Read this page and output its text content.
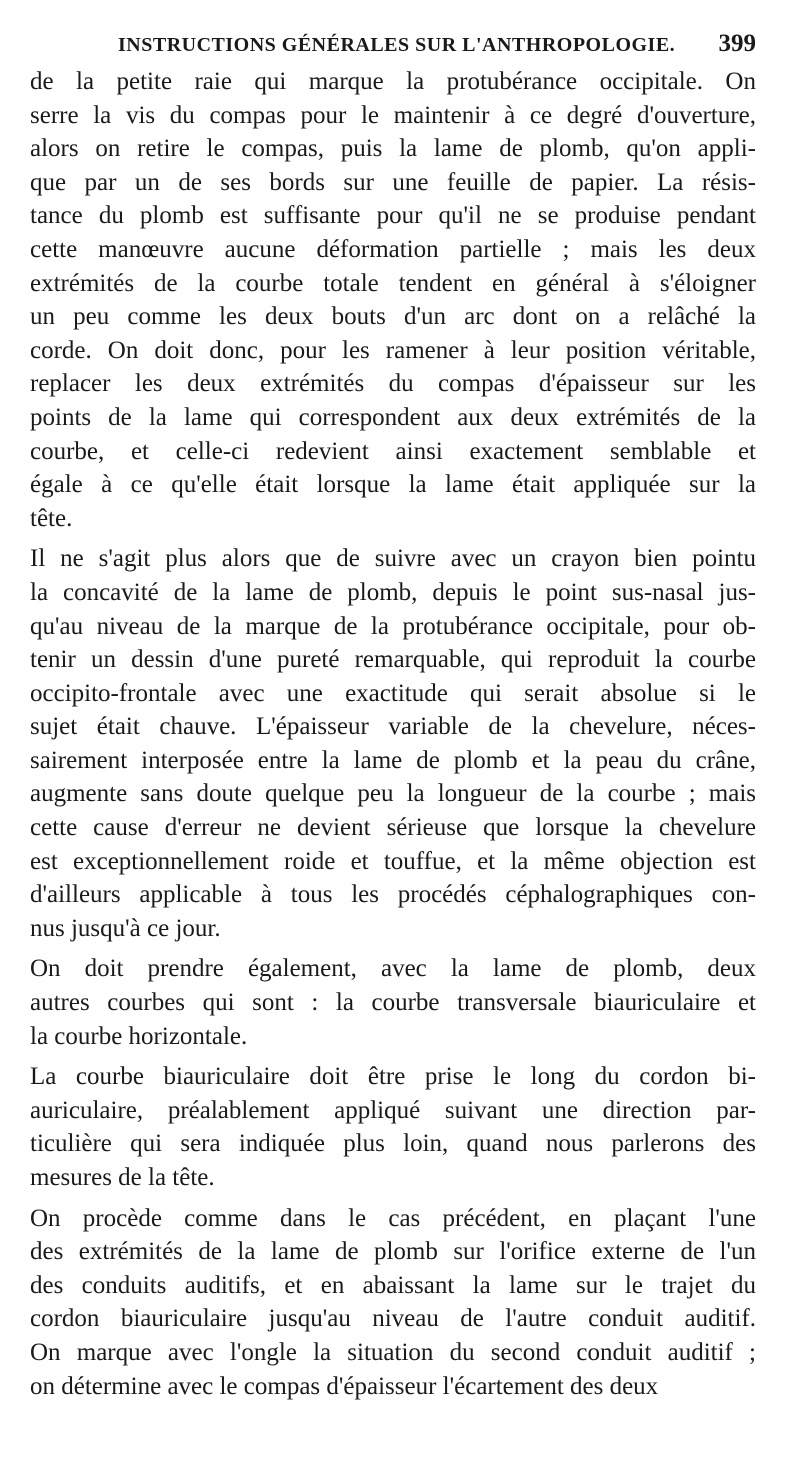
INSTRUCTIONS GÉNÉRALES SUR L'ANTHROPOLOGIE. 399
de la petite raie qui marque la protubérance occipitale. On
serre la vis du compas pour le maintenir à ce degré d'ouverture,
alors on retire le compas, puis la lame de plomb, qu'on appli-
que par un de ses bords sur une feuille de papier. La résis-
tance du plomb est suffisante pour qu'il ne se produise pendant
cette manœuvre aucune déformation partielle ; mais les deux
extrémités de la courbe totale tendent en général à s'éloigner
un peu comme les deux bouts d'un arc dont on a relâché la
corde. On doit donc, pour les ramener à leur position véritable,
replacer les deux extrémités du compas d'épaisseur sur les
points de la lame qui correspondent aux deux extrémités de la
courbe, et celle-ci redevient ainsi exactement semblable et
égale à ce qu'elle était lorsque la lame était appliquée sur la
tête.
Il ne s'agit plus alors que de suivre avec un crayon bien pointu
la concavité de la lame de plomb, depuis le point sus-nasal jus-
qu'au niveau de la marque de la protubérance occipitale, pour ob-
tenir un dessin d'une pureté remarquable, qui reproduit la courbe
occipito-frontale avec une exactitude qui serait absolue si le
sujet était chauve. L'épaisseur variable de la chevelure, néces-
sairement interposée entre la lame de plomb et la peau du crâne,
augmente sans doute quelque peu la longueur de la courbe ; mais
cette cause d'erreur ne devient sérieuse que lorsque la chevelure
est exceptionnellement roide et touffue, et la même objection est
d'ailleurs applicable à tous les procédés céphalographiques con-
nus jusqu'à ce jour.
On doit prendre également, avec la lame de plomb, deux
autres courbes qui sont : la courbe transversale biauriculaire et
la courbe horizontale.
La courbe biauriculaire doit être prise le long du cordon bi-
auriculaire, préalablement appliqué suivant une direction par-
ticulière qui sera indiquée plus loin, quand nous parlerons des
mesures de la tête.
On procède comme dans le cas précédent, en plaçant l'une
des extrémités de la lame de plomb sur l'orifice externe de l'un
des conduits auditifs, et en abaissant la lame sur le trajet du
cordon biauriculaire jusqu'au niveau de l'autre conduit auditif.
On marque avec l'ongle la situation du second conduit auditif ;
on détermine avec le compas d'épaisseur l'écartement des deux
